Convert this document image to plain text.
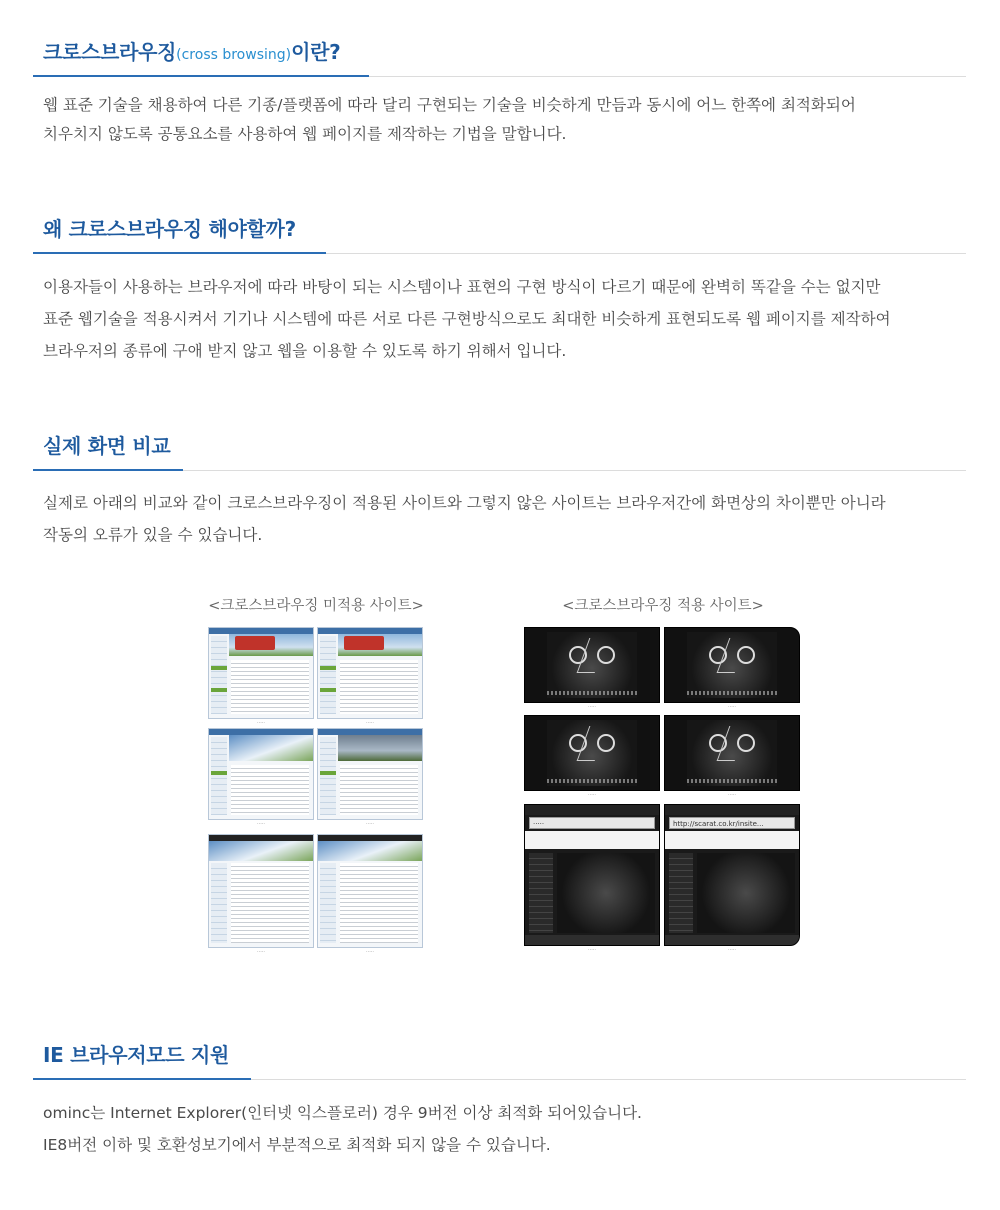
크로스브라우징(cross browsing)이란?

웹 표준 기술을 채용하여 다른 기종/플랫폼에 따라 달리 구현되는 기술을 비슷하게 만듬과 동시에 어느 한쪽에 최적화되어
치우치지 않도록 공통요소를 사용하여 웹 페이지를 제작하는 기법을 말합니다.

왜 크로스브라우징 해야할까?

이용자들이 사용하는 브라우저에 따라 바탕이 되는 시스템이나 표현의 구현 방식이 다르기 때문에 완벽히 똑같을 수는 없지만
표준 웹기술을 적용시켜서 기기나 시스템에 따른 서로 다른 구현방식으로도 최대한 비슷하게 표현되도록 웹 페이지를 제작하여
브라우저의 종류에 구애 받지 않고 웹을 이용할 수 있도록 하기 위해서 입니다.

실제 화면 비교

실제로 아래의 비교와 같이 크로스브라우징이 적용된 사이트와 그렇지 않은 사이트는 브라우저간에 화면상의 차이뿐만 아니라
작동의 오류가 있을 수 있습니다.

<크로스브라우징 미적용 사이트>

·····	·····
·····	·····
·····	·····

<크로스브라우징 적용 사이트>

·····	·····
·····	·····
·····	http://scarat.co.kr/insite...
·····	·····
IE 브라우저모드 지원

ominc는 Internet Explorer(인터넷 익스플로러) 경우 9버전 이상 최적화 되어있습니다.
IE8버전 이하 및 호환성보기에서 부분적으로 최적화 되지 않을 수 있습니다.
